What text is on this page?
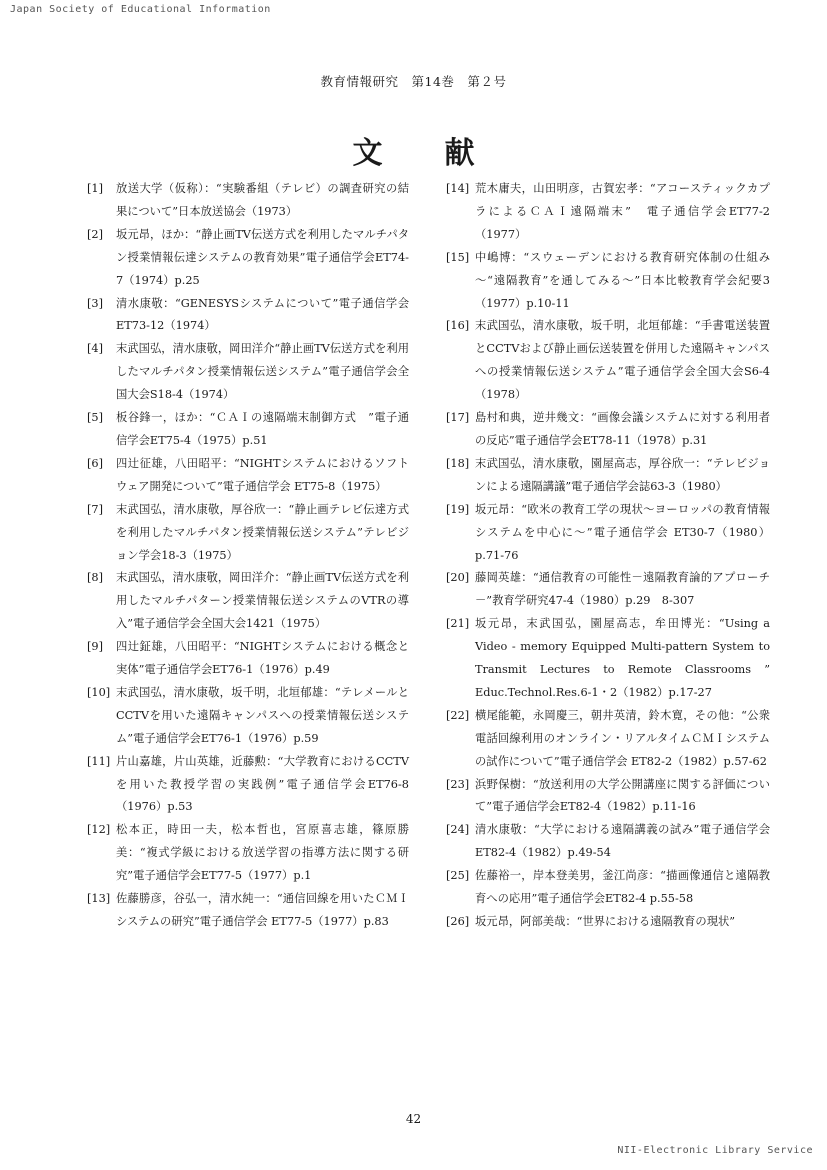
Japan Society of Educational Information
教育情報研究　第14巻　第２号
文 献
[1]	放送大学（仮称）：“実験番組（テレビ）の調査研究の結果について”日本放送協会（1973）
[2]	坂元昂，ほか：“静止画TV伝送方式を利用したマルチパタン授業情報伝達システムの教育効果”電子通信学会ET74-7（1974）p.25
[3]	清水康敬：“GENESYSシステムについて”電子通信学会ET73-12（1974）
[4]	末武国弘，清水康敬，岡田洋介“静止画TV伝送方式を利用したマルチパタン授業情報伝送システム”電子通信学会全国大会S18-4（1974）
[5]	板谷鋒一，ほか：“ＣＡＩの遠隔端末制御方式　”電子通信学会ET75-4（1975）p.51
[6]	四辻征雄，八田昭平：“NIGHTシステムにおけるソフトウェア開発について”電子通信学会 ET75-8（1975）
[7]	末武国弘，清水康敬，厚谷欣一：“静止画テレビ伝達方式を利用したマルチパタン授業情報伝送システム”テレビジョン学会18-3（1975）
[8]	末武国弘，清水康敬，岡田洋介：“静止画TV伝送方式を利用したマルチパターン授業情報伝送システムのVTRの導入”電子通信学会全国大会1421（1975）
[9]	四辻鉦雄，八田昭平：“NIGHTシステムにおける概念と実体”電子通信学会ET76-1（1976）p.49
[10] 末武国弘，清水康敬，坂千明，北垣郁雄：“テレメールとCCTVを用いた遠隔キャンパスへの授業情報伝送システム”電子通信学会ET76-1（1976）p.59
[11] 片山嘉雄，片山英雄，近藤勲：“大学教育におけるCCTVを用いた教授学習の実践例”電子通信学会ET76-8（1976）p.53
[12] 松本正，時田一夫，松本哲也，宮原喜志雄，篠原勝美：“複式学級における放送学習の指導方法に関する研究”電子通信学会ET77-5（1977）p.1
[13] 佐藤勝彦，谷弘一，清水純一：“通信回線を用いたＣＭＩシステムの研究”電子通信学会 ET77-5（1977）p.83
[14] 荒木庸夫，山田明彦，古賀宏孝：“アコースティックカプラによるＣＡＩ遠隔端末”　電子通信学会ET77-2（1977）
[15] 中嶋博：“スウェーデンにおける教育研究体制の仕組み～“遠隔教育”を通してみる～”日本比較教育学会紀要3（1977）p.10-11
[16] 末武国弘，清水康敬，坂千明，北垣郁雄：“手書電送装置とCCTVおよび静止画伝送装置を併用した遠隔キャンパスへの授業情報伝送システム”電子通信学会全国大会S6-4（1978）
[17] 島村和典，逆井幾文：“画像会議システムに対する利用者の反応”電子通信学会ET78-11（1978）p.31
[18] 末武国弘，清水康敬，園屋高志，厚谷欣一：“テレビジョンによる遠隔講議”電子通信学会誌63-3（1980）
[19] 坂元昂：“欧米の教育工学の現状～ヨーロッパの教育情報システムを中心に～”電子通信学会 ET30-7（1980）p.71-76
[20] 藤岡英雄：“通信教育の可能性－遠隔教育論的アプローチ－”教育学研究47-4（1980）p.29　8-307
[21] 坂元昂，末武国弘，園屋高志，牟田博光：“Using a Video - memory Equipped Multi-pattern System to Transmit Lectures to Remote Classrooms ” Educ.Technol.Res.6-1・2（1982）p.17-27
[22] 横尾能範，永岡慶三，朝井英清，鈴木寛，その他：“公衆電話回線利用のオンライン・リアルタイムＣＭＩシステムの試作について”電子通信学会 ET82-2（1982）p.57-62
[23] 浜野保樹：“放送利用の大学公開講座に関する評価について”電子通信学会ET82-4（1982）p.11-16
[24] 清水康敬：“大学における遠隔講義の試み”電子通信学会ET82-4（1982）p.49-54
[25] 佐藤裕一，岸本登美男，釜江尚彦：“描画像通信と遠隔教育への応用”電子通信学会ET82-4 p.55-58
[26] 坂元昂，阿部美哉：“世界における遠隔教育の現状”
42
NII-Electronic Library Service
